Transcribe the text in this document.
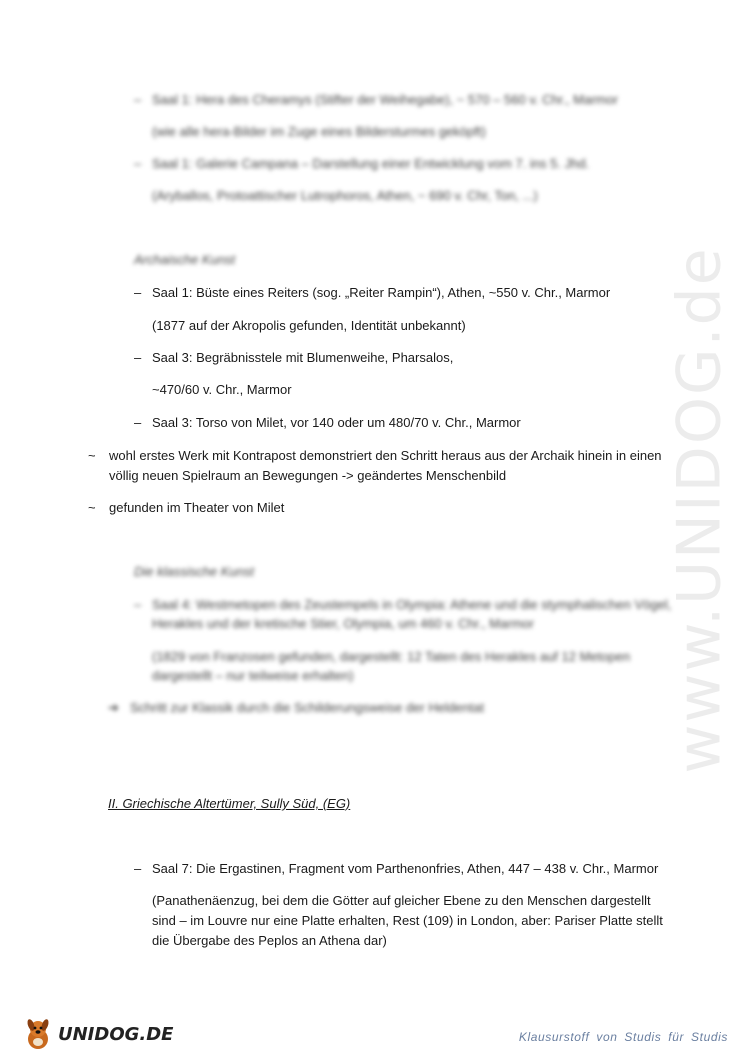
– Saal 1: Hera des Cheramys (Stifter der Weihegabe), ~ 570 – 560 v. Chr., Marmor
(wie alle hera-Bilder im Zuge eines Bildersturmes geköpft)
– Saal 1: Galerie Campana – Darstellung einer Entwicklung vom 7. ins 5. Jhd.
(Aryballos, Protoattischer Lutrophoros, Athen, ~ 690 v. Chr, Ton, ...)
Archaische Kunst
– Saal 1: Büste eines Reiters (sog. „Reiter Rampin“), Athen, ~550 v. Chr., Marmor
(1877 auf der Akropolis gefunden, Identität unbekannt)
– Saal 3: Begräbnisstele mit Blumenweihe, Pharsalos,
~470/60 v. Chr., Marmor
– Saal 3: Torso von Milet, vor 140 oder um 480/70 v. Chr., Marmor
~ wohl erstes Werk mit Kontrapost demonstriert den Schritt heraus aus der Archaik hinein in einen
völlig neuen Spielraum an Bewegungen -> geändertes Menschenbild
~ gefunden im Theater von Milet
Die klassische Kunst
– Saal 4: Westmetopen des Zeustempels in Olympia: Athene und die stymphalischen Vögel,
Herakles und der kretische Stier, Olympia, um 460 v. Chr., Marmor
(1829 von Franzosen gefunden, dargestellt: 12 Taten des Herakles auf 12 Metopen
dargestellt – nur teilweise erhalten)
➔ Schritt zur Klassik durch die Schilderungsweise der Heldentat
II. Griechische Altertümer, Sully Süd, (EG)
– Saal 7: Die Ergastinen, Fragment vom Parthenonfries, Athen, 447 – 438 v. Chr., Marmor
(Panathenäenzug, bei dem die Götter auf gleicher Ebene zu den Menschen dargestellt
sind – im Louvre nur eine Platte erhalten, Rest (109) in London, aber: Pariser Platte stellt
die Übergabe des Peplos an Athena dar)
www.UNIDOG.de
UNIDOG.DE	Klausurstoff von Studis für Studis
